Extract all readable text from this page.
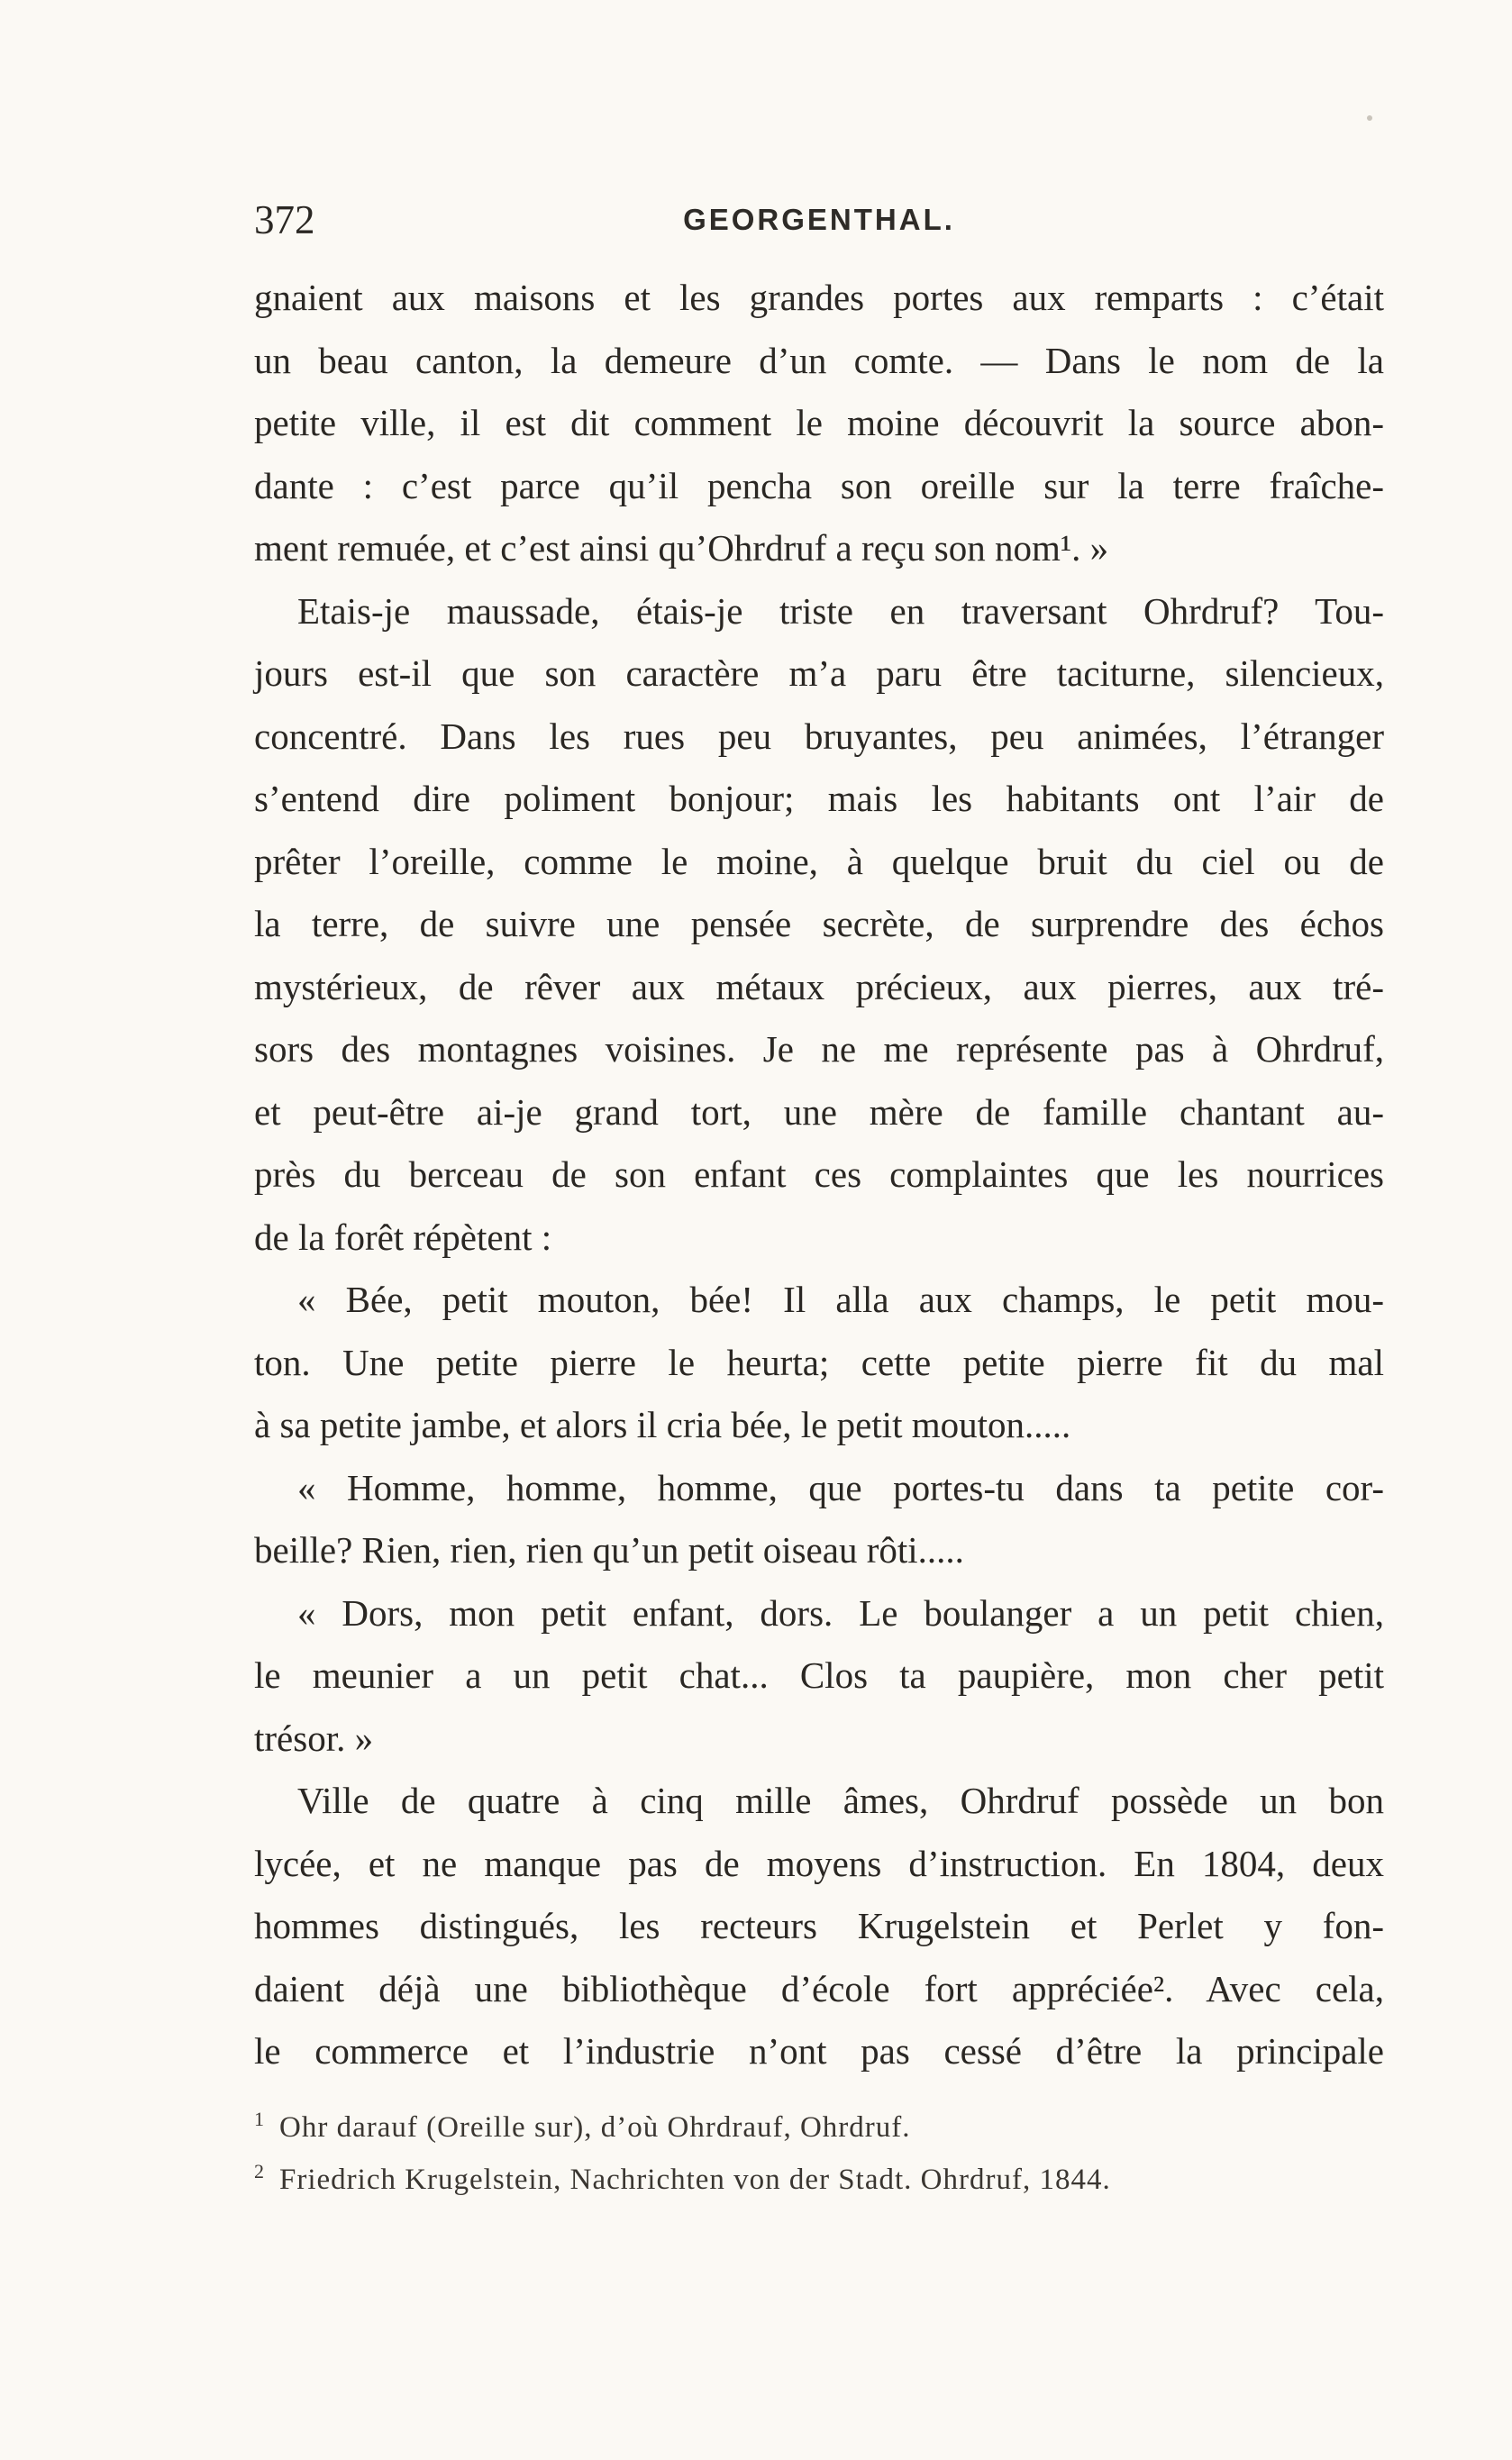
372	GEORGENTHAL.
gnaient aux maisons et les grandes portes aux remparts : c’était
un beau canton, la demeure d’un comte. — Dans le nom de la
petite ville, il est dit comment le moine découvrit la source abon-
dante : c’est parce qu’il pencha son oreille sur la terre fraîche-
ment remuée, et c’est ainsi qu’Ohrdruf a reçu son nom¹. »
Etais-je maussade, étais-je triste en traversant Ohrdruf? Tou-
jours est-il que son caractère m’a paru être taciturne, silencieux,
concentré. Dans les rues peu bruyantes, peu animées, l’étranger
s’entend dire poliment bonjour; mais les habitants ont l’air de
prêter l’oreille, comme le moine, à quelque bruit du ciel ou de
la terre, de suivre une pensée secrète, de surprendre des échos
mystérieux, de rêver aux métaux précieux, aux pierres, aux tré-
sors des montagnes voisines. Je ne me représente pas à Ohrdruf,
et peut-être ai-je grand tort, une mère de famille chantant au-
près du berceau de son enfant ces complaintes que les nourrices
de la forêt répètent :
« Bée, petit mouton, bée! Il alla aux champs, le petit mou-
ton. Une petite pierre le heurta; cette petite pierre fit du mal
à sa petite jambe, et alors il cria bée, le petit mouton.....
« Homme, homme, homme, que portes-tu dans ta petite cor-
beille? Rien, rien, rien qu’un petit oiseau rôti.....
« Dors, mon petit enfant, dors. Le boulanger a un petit chien,
le meunier a un petit chat... Clos ta paupière, mon cher petit
trésor. »
Ville de quatre à cinq mille âmes, Ohrdruf possède un bon
lycée, et ne manque pas de moyens d’instruction. En 1804, deux
hommes distingués, les recteurs Krugelstein et Perlet y fon-
daient déjà une bibliothèque d’école fort appréciée². Avec cela,
le commerce et l’industrie n’ont pas cessé d’être la principale
$^1$ Ohr darauf (Oreille sur), d’où Ohrdrauf, Ohrdruf.
$^2$ Friedrich Krugelstein, Nachrichten von der Stadt. Ohrdruf, 1844.
